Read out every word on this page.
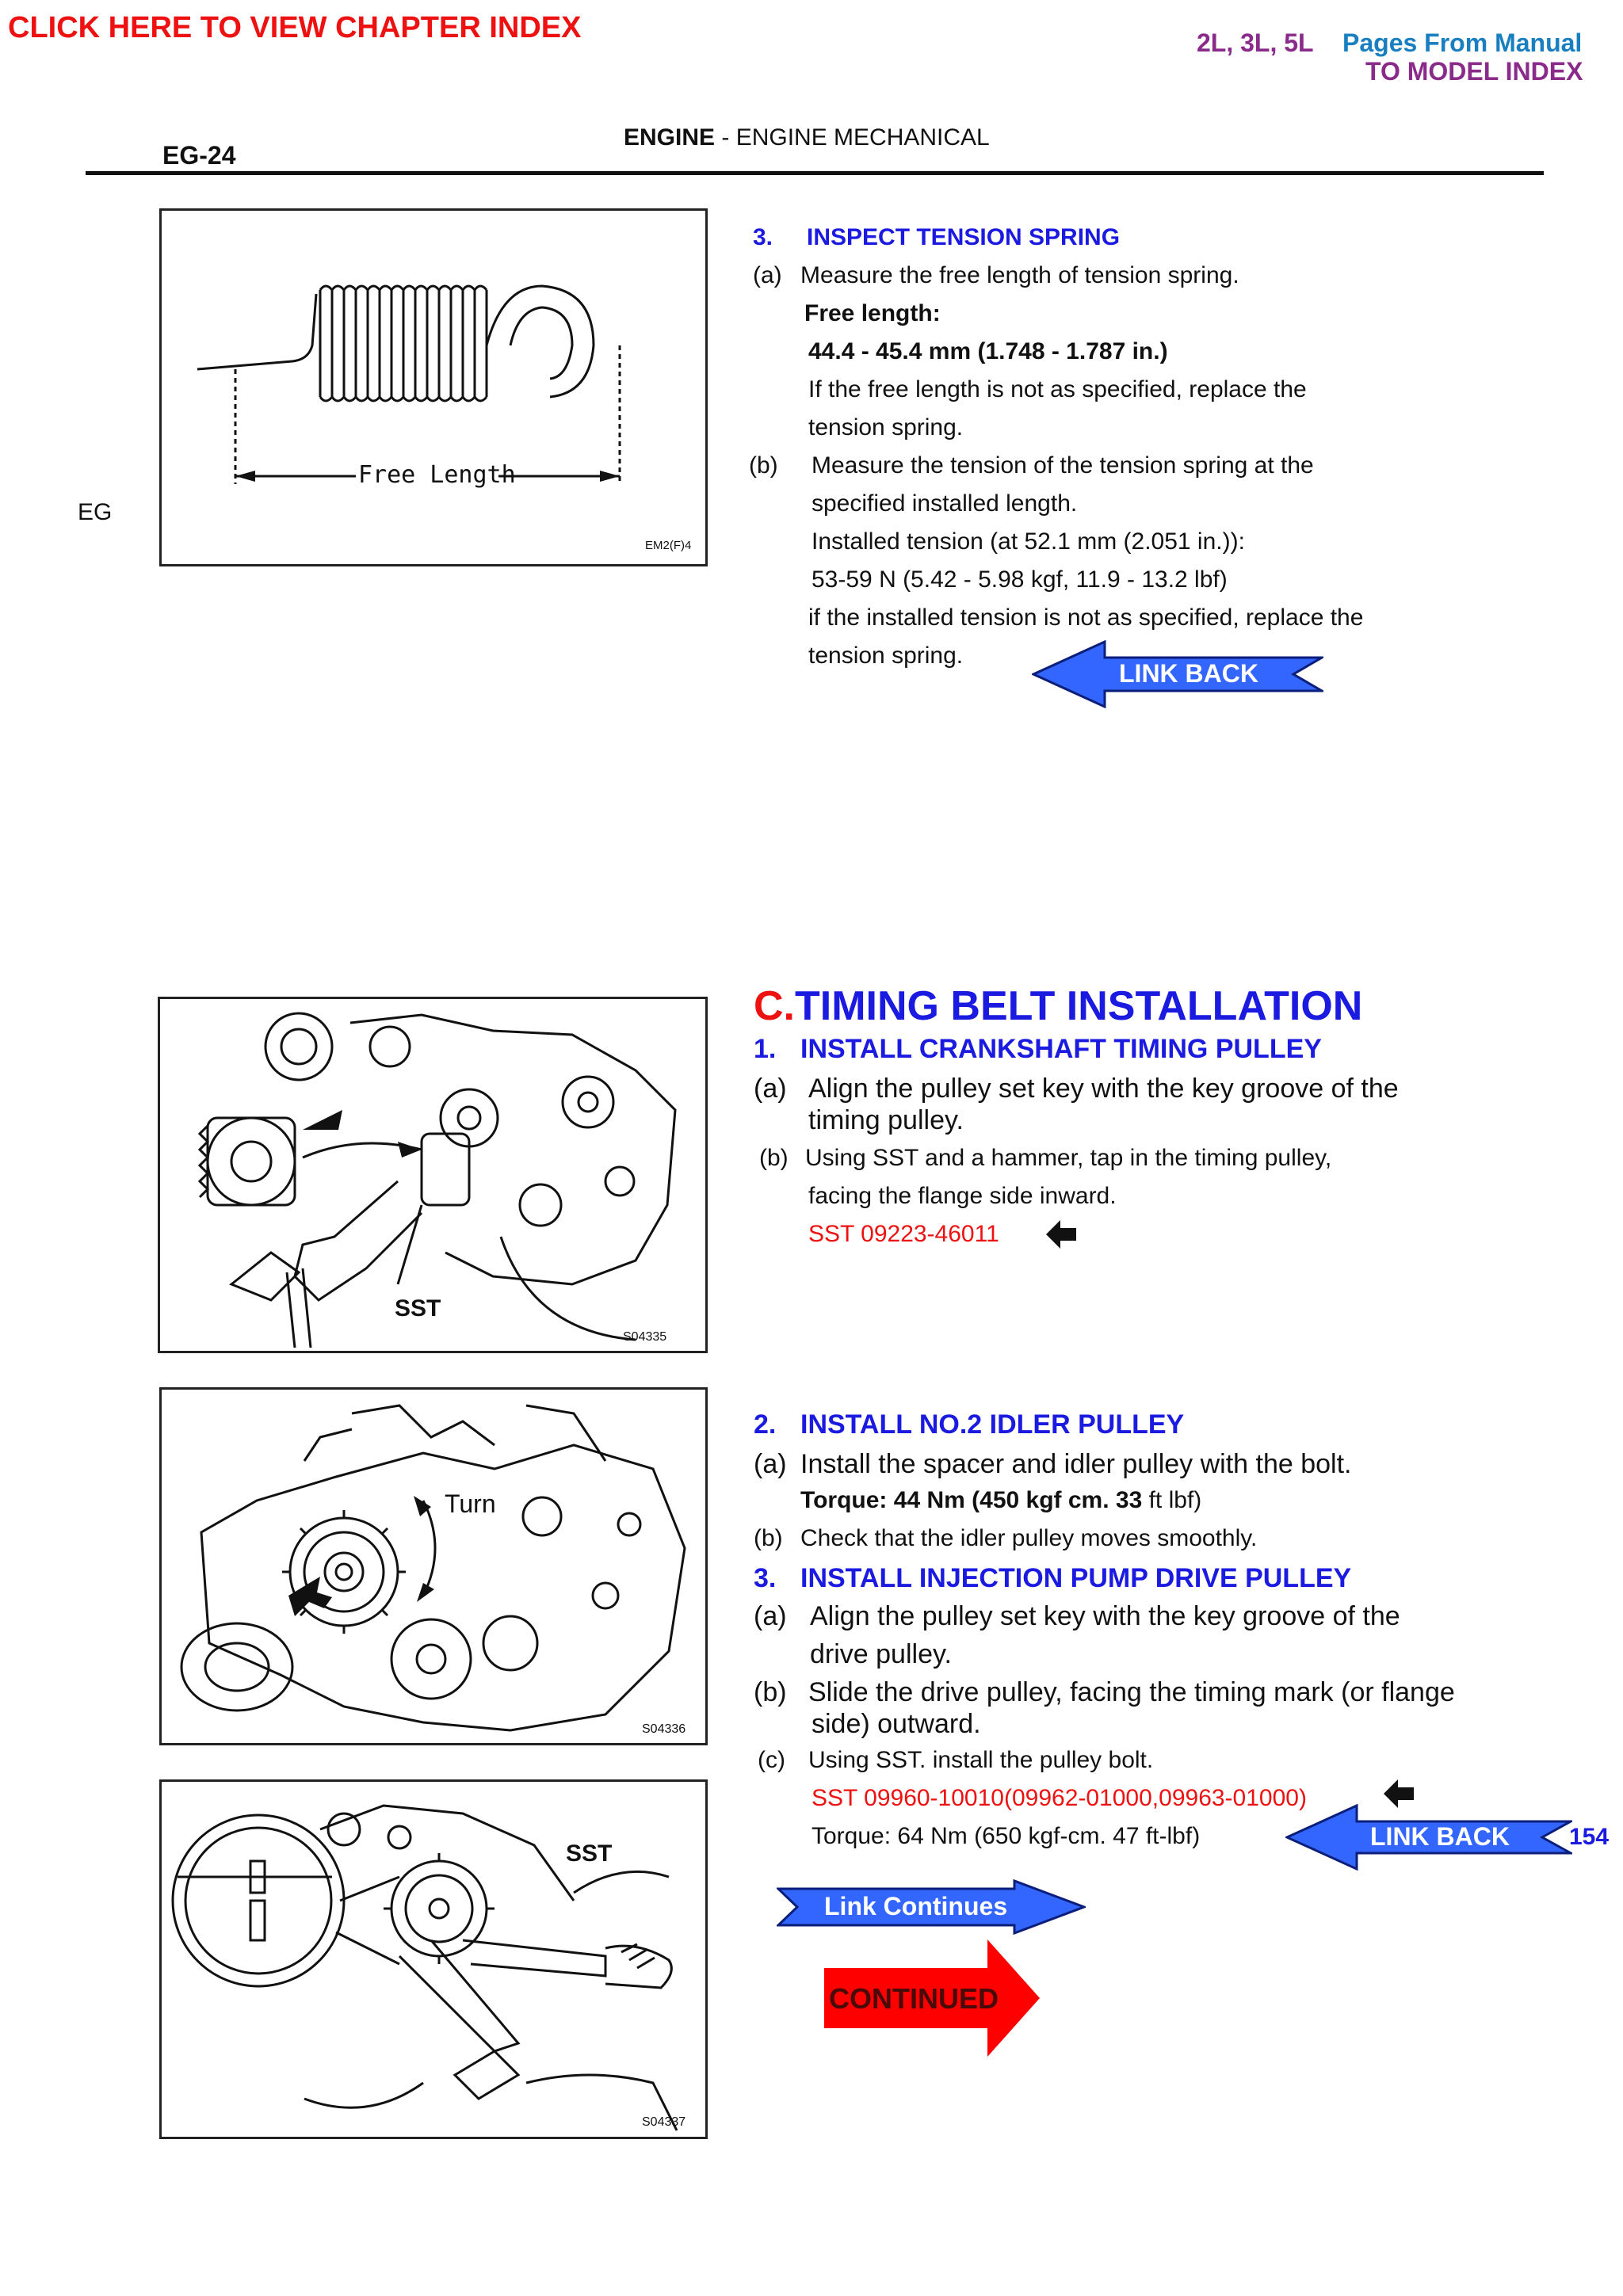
CLICK HERE TO VIEW CHAPTER INDEX	2L, 3L, 5L Pages From Manual
TO MODEL INDEX
ENGINE - ENGINE MECHANICAL
EG-24
EG
Free Length
EM2(F)4
3. INSPECT TENSION SPRING
(a) Measure the free length of tension spring.
Free length:
44.4 - 45.4 mm (1.748 - 1.787 in.)
If the free length is not as specified, replace the
tension spring.
(b) Measure the tension of the tension spring at the
specified installed length.
Installed tension (at 52.1 mm (2.051 in.)):
53-59 N (5.42 - 5.98 kgf, 11.9 - 13.2 lbf)
if the installed tension is not as specified, replace the
tension spring.
LINK BACK
SST
S04335
C.TIMING BELT INSTALLATION
1. INSTALL CRANKSHAFT TIMING PULLEY
(a) Align the pulley set key with the key groove of the
timing pulley.
(b) Using SST and a hammer, tap in the timing pulley,
facing the flange side inward.
SST 09223-46011
Turn
S04336
2. INSTALL NO.2 IDLER PULLEY
(a) Install the spacer and idler pulley with the bolt.
Torque: 44 Nm (450 kgf cm. 33 ft lbf)
(b) Check that the idler pulley moves smoothly.
3. INSTALL INJECTION PUMP DRIVE PULLEY
(a) Align the pulley set key with the key groove of the
drive pulley.
(b) Slide the drive pulley, facing the timing mark (or flange
side) outward.
(c) Using SST. install the pulley bolt.
SST 09960-10010(09962-01000,09963-01000)
Torque: 64 Nm (650 kgf-cm. 47 ft-lbf)	LINK BACK	154
Link Continues
CONTINUED
SST
S04337
